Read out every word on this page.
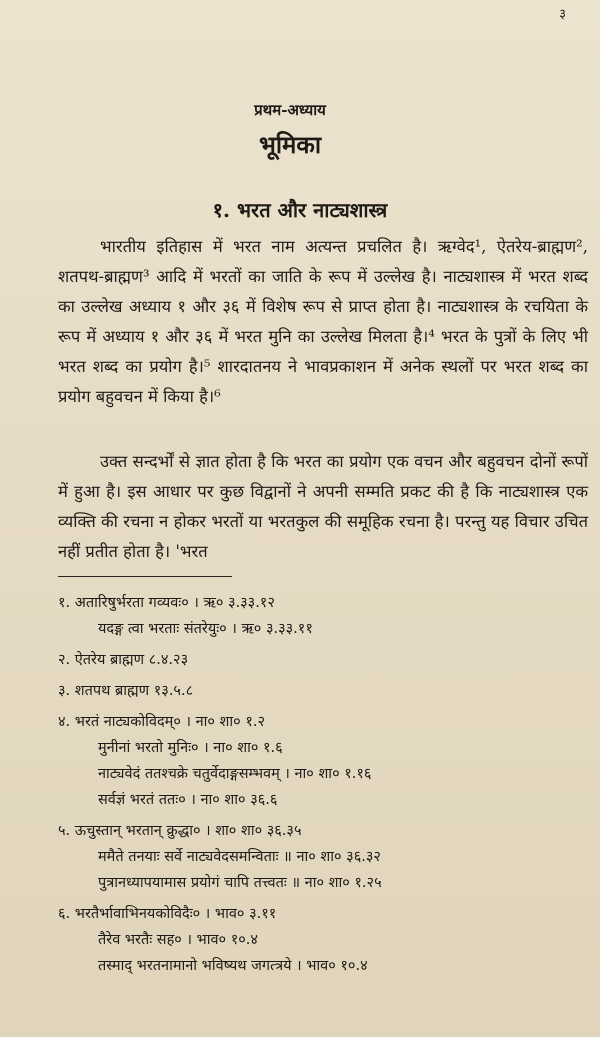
३
प्रथम-अध्याय
भूमिका
१. भरत और नाट्यशास्त्र
भारतीय इतिहास में भरत नाम अत्यन्त प्रचलित है। ऋग्वेद¹, ऐतरेय-ब्राह्मण², शतपथ-ब्राह्मण³ आदि में भरतों का जाति के रूप में उल्लेख है। नाट्यशास्त्र में भरत शब्द का उल्लेख अध्याय १ और ३६ में विशेष रूप से प्राप्त होता है। नाट्यशास्त्र के रचयिता के रूप में अध्याय १ और ३६ में भरत मुनि का उल्लेख मिलता है।⁴ भरत के पुत्रों के लिए भी भरत शब्द का प्रयोग है।⁵ शारदातनय ने भावप्रकाशन में अनेक स्थलों पर भरत शब्द का प्रयोग बहुवचन में किया है।⁶
उक्त सन्दर्भों से ज्ञात होता है कि भरत का प्रयोग एक वचन और बहुवचन दोनों रूपों में हुआ है। इस आधार पर कुछ विद्वानों ने अपनी सम्मति प्रकट की है कि नाट्यशास्त्र एक व्यक्ति की रचना न होकर भरतों या भरतकुल की समूहिक रचना है। परन्तु यह विचार उचित नहीं प्रतीत होता है। 'भरत
१. अतारिषुर्भरता गव्यवः० । ऋ० ३.३३.१२
यदङ्ग त्वा भरताः संतरेयुः० । ऋ० ३.३३.११
२. ऐतरेय ब्राह्मण ८.४.२३
३. शतपथ ब्राह्मण १३.५.८
४. भरतं नाट्यकोविदम्० । ना० शा० १.२
मुनीनां भरतो मुनिः० । ना० शा० १.६
नाट्यवेदं ततश्चक्रे चतुर्वेदाङ्गसम्भवम् । ना० शा० १.१६
सर्वज्ञं भरतं ततः० । ना० शा० ३६.६
५. ऊचुस्तान् भरतान् क्रुद्धा० । शा० शा० ३६.३५
ममैते तनयाः सर्वे नाट्यवेदसमन्विताः ॥ ना० शा० ३६.३२
पुत्रानध्यापयामास प्रयोगं चापि तत्त्वतः ॥ ना० शा० १.२५
६. भरतैर्भावाभिनयकोविदैः० । भाव० ३.११
तैरेव भरतैः सह० । भाव० १०.४
तस्माद् भरतनामानो भविष्यथ जगत्त्रये । भाव० १०.४
